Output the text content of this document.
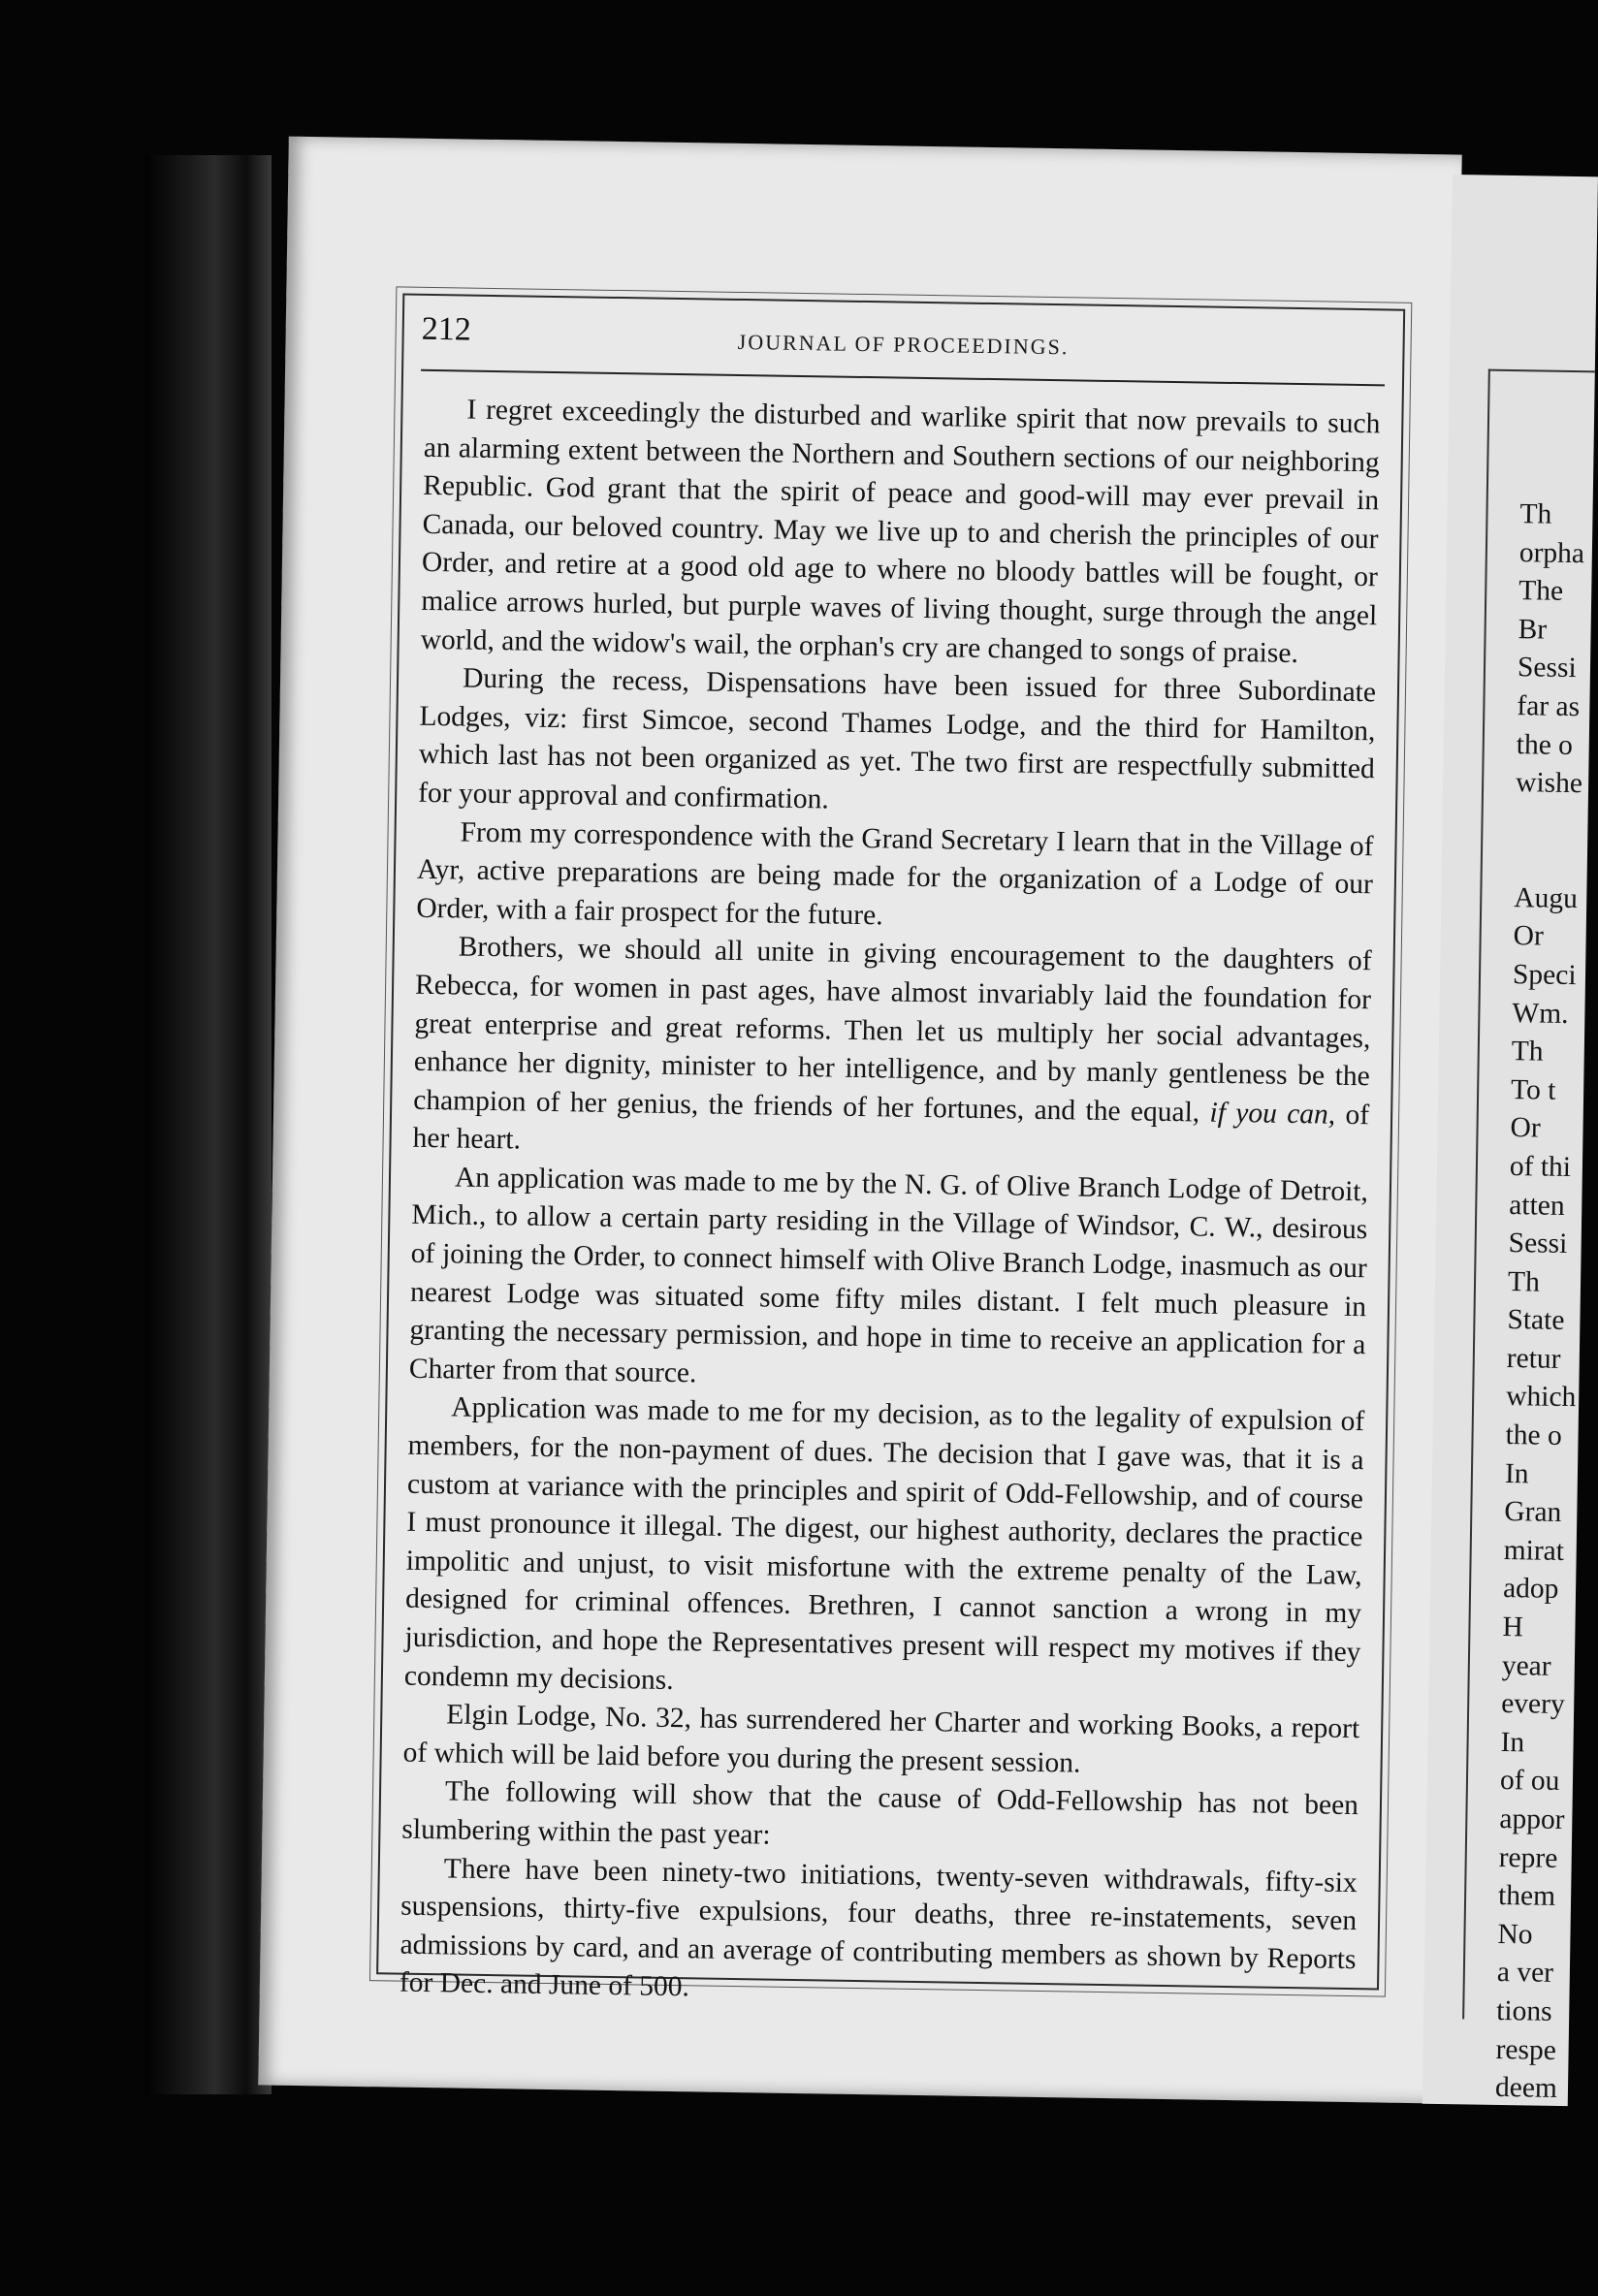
212	JOURNAL OF PROCEEDINGS.

I regret exceedingly the disturbed and warlike spirit that now prevails to such an alarming extent between the Northern and Southern sections of our neighboring Republic. God grant that the spirit of peace and good-will may ever prevail in Canada, our beloved country. May we live up to and cherish the principles of our Order, and retire at a good old age to where no bloody battles will be fought, or malice arrows hurled, but purple waves of living thought, surge through the angel world, and the widow's wail, the orphan's cry are changed to songs of praise.

During the recess, Dispensations have been issued for three Subordinate Lodges, viz: first Simcoe, second Thames Lodge, and the third for Hamilton, which last has not been organized as yet. The two first are respectfully submitted for your approval and confirmation.

From my correspondence with the Grand Secretary I learn that in the Village of Ayr, active preparations are being made for the organization of a Lodge of our Order, with a fair prospect for the future.

Brothers, we should all unite in giving encouragement to the daughters of Rebecca, for women in past ages, have almost invariably laid the foundation for great enterprise and great reforms. Then let us multiply her social advantages, enhance her dignity, minister to her intelligence, and by manly gentleness be the champion of her genius, the friends of her fortunes, and the equal, if you can, of her heart.

An application was made to me by the N. G. of Olive Branch Lodge of Detroit, Mich., to allow a certain party residing in the Village of Windsor, C. W., desirous of joining the Order, to connect himself with Olive Branch Lodge, inasmuch as our nearest Lodge was situated some fifty miles distant. I felt much pleasure in granting the necessary permission, and hope in time to receive an application for a Charter from that source.

Application was made to me for my decision, as to the legality of expulsion of members, for the non-payment of dues. The decision that I gave was, that it is a custom at variance with the principles and spirit of Odd-Fellowship, and of course I must pronounce it illegal. The digest, our highest authority, declares the practice impolitic and unjust, to visit misfortune with the extreme penalty of the Law, designed for criminal offences. Brethren, I cannot sanction a wrong in my jurisdiction, and hope the Representatives present will respect my motives if they condemn my decisions.

Elgin Lodge, No. 32, has surrendered her Charter and working Books, a report of which will be laid before you during the present session.

The following will show that the cause of Odd-Fellowship has not been slumbering within the past year:

There have been ninety-two initiations, twenty-seven withdrawals, fifty-six suspensions, thirty-five expulsions, four deaths, three re-instatements, seven admissions by card, and an average of contributing members as shown by Reports for Dec. and June of 500.

Th
orpha
The
Br
Sessi
far as
the o
wishe
Augu
Or
Speci
Wm.
Th
To t
Or
of thi
atten
Sessi
Th
State
retur
which
the o
In
Gran
mirat
adop
H
year
every
In
of ou
appor
repre
them
No
a ver
tions
respe
deem
